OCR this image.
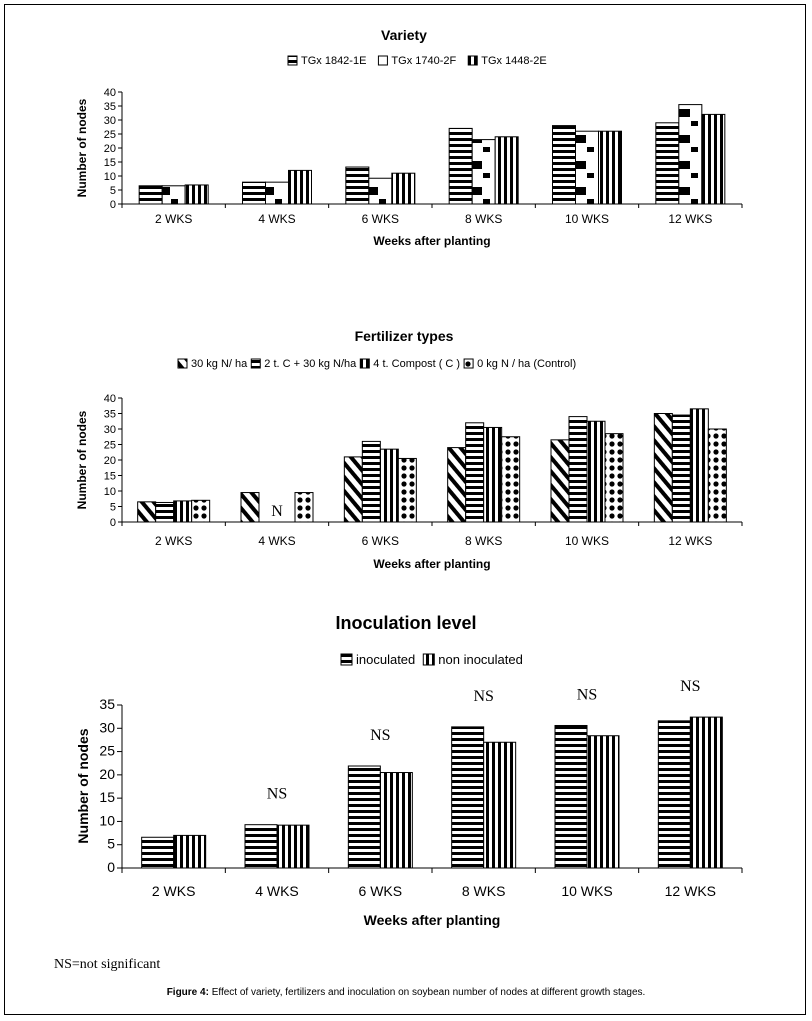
Variety
TGx 1842-1E TGx 1740-2F TGx 1448-2E
0
5
10
15
20
25
30
35
40
2 WKS	4 WKS	6 WKS	8 WKS	10 WKS	12 WKS
Weeks after planting
Number of nodes
Fertilizer types
30 kg N/ ha 2 t. C + 30 kg N/ha 4 t. Compost ( C ) 0 kg N / ha (Control)
0
5
10
15
20
25
30
35
40
2 WKS	4 WKS	6 WKS	8 WKS	10 WKS	12 WKS
N
Weeks after planting
Number of nodes
Inoculation level
inoculated non inoculated
0
5
10
15
20
25
30
35
2 WKS	4 WKS	6 WKS	8 WKS	10 WKS	12 WKS
NS
NS
NS	NS	NS
Weeks after planting
Number of nodes
NS=not significant
Figure 4: Effect of variety, fertilizers and inoculation on soybean number of nodes at different growth stages.
